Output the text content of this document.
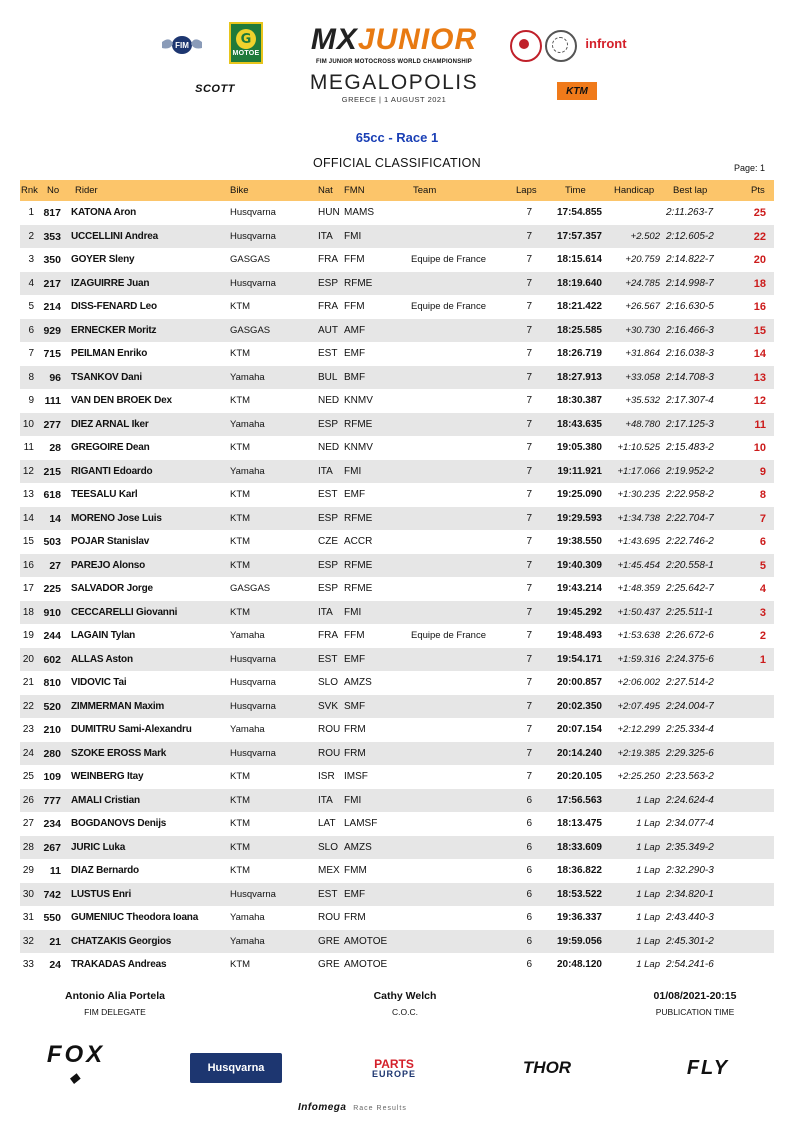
FIM	G
MOTOE
SCOTT
MX JUNIOR
FIM JUNIOR MOTOCROSS WORLD CHAMPIONSHIP
MEGALOPOLIS
GREECE | 1 AUGUST 2021
infront
KTM
65cc - Race 1
OFFICIAL CLASSIFICATION	Page: 1
Rnk No Rider	Bike	Nat FMN	Team	Laps	Time	Handicap Best lap	Pts
1 817 KATONA Aron	Husqvarna	HUN MAMS	7	17:54.855	2:11.263-7	25
2 353 UCCELLINI Andrea	Husqvarna	ITA FMI	7	17:57.357	+2.502 2:12.605-2	22
3 350 GOYER Sleny	GASGAS	FRA FFM	Equipe de France	7	18:15.614	+20.759 2:14.822-7	20
4 217 IZAGUIRRE Juan	Husqvarna	ESP RFME	7	18:19.640	+24.785 2:14.998-7	18
5 214 DISS-FENARD Leo	KTM	FRA FFM	Equipe de France	7	18:21.422	+26.567 2:16.630-5	16
6 929 ERNECKER Moritz	GASGAS	AUT AMF	7	18:25.585	+30.730 2:16.466-3	15
7 715 PEILMAN Enriko	KTM	EST EMF	7	18:26.719	+31.864 2:16.038-3	14
8	96 TSANKOV Dani	Yamaha	BUL BMF	7	18:27.913	+33.058 2:14.708-3	13
9	111 VAN DEN BROEK Dex	KTM	NED KNMV	7	18:30.387	+35.532 2:17.307-4	12
10 277 DIEZ ARNAL Iker	Yamaha	ESP RFME	7	18:43.635	+48.780 2:17.125-3	11
11	28 GREGOIRE Dean	KTM	NED KNMV	7	19:05.380	+1:10.525 2:15.483-2	10
12 215 RIGANTI Edoardo	Yamaha	ITA FMI	7	19:11.921	+1:17.066 2:19.952-2	9
13 618 TEESALU Karl	KTM	EST EMF	7	19:25.090	+1:30.235 2:22.958-2	8
14	14 MORENO Jose Luis	KTM	ESP RFME	7	19:29.593	+1:34.738 2:22.704-7	7
15 503 POJAR Stanislav	KTM	CZE ACCR	7	19:38.550	+1:43.695 2:22.746-2	6
16	27 PAREJO Alonso	KTM	ESP RFME	7	19:40.309	+1:45.454 2:20.558-1	5
17 225 SALVADOR Jorge	GASGAS	ESP RFME	7	19:43.214	+1:48.359 2:25.642-7	4
18 910 CECCARELLI Giovanni	KTM	ITA FMI	7	19:45.292	+1:50.437 2:25.511-1	3
19 244 LAGAIN Tylan	Yamaha	FRA FFM	Equipe de France	7	19:48.493	+1:53.638 2:26.672-6	2
20 602 ALLAS Aston	Husqvarna	EST EMF	7	19:54.171	+1:59.316 2:24.375-6	1
21 810 VIDOVIC Tai	Husqvarna	SLO AMZS	7	20:00.857	+2:06.002 2:27.514-2
22 520 ZIMMERMAN Maxim	Husqvarna	SVK SMF	7	20:02.350	+2:07.495 2:24.004-7
23 210 DUMITRU Sami-Alexandru	Yamaha	ROU FRM	7	20:07.154	+2:12.299 2:25.334-4
24 280 SZOKE EROSS Mark	Husqvarna	ROU FRM	7	20:14.240	+2:19.385 2:29.325-6
25 109 WEINBERG Itay	KTM	ISR IMSF	7	20:20.105	+2:25.250 2:23.563-2
26 777 AMALI Cristian	KTM	ITA FMI	6	17:56.563	1 Lap 2:24.624-4
27 234 BOGDANOVS Denijs	KTM	LAT LAMSF	6	18:13.475	1 Lap 2:34.077-4
28 267 JURIC Luka	KTM	SLO AMZS	6	18:33.609	1 Lap 2:35.349-2
29	11 DIAZ Bernardo	KTM	MEX FMM	6	18:36.822	1 Lap 2:32.290-3
30 742 LUSTUS Enri	Husqvarna	EST EMF	6	18:53.522	1 Lap 2:34.820-1
31 550 GUMENIUC Theodora Ioana	Yamaha	ROU FRM	6	19:36.337	1 Lap 2:43.440-3
32	21 CHATZAKIS Georgios	Yamaha	GRE AMOTOE	6	19:59.056	1 Lap 2:45.301-2
33	24 TRAKADAS Andreas	KTM	GRE AMOTOE	6	20:48.120	1 Lap 2:54.241-6
Antonio Alia Portela
FIM DELEGATE
Cathy Welch
C.O.C.
01/08/2021-20:15
PUBLICATION TIME
FOX
◆
Husqvarna	PARTS
EUROPE	THOR	FLY
Infomega Race Results
